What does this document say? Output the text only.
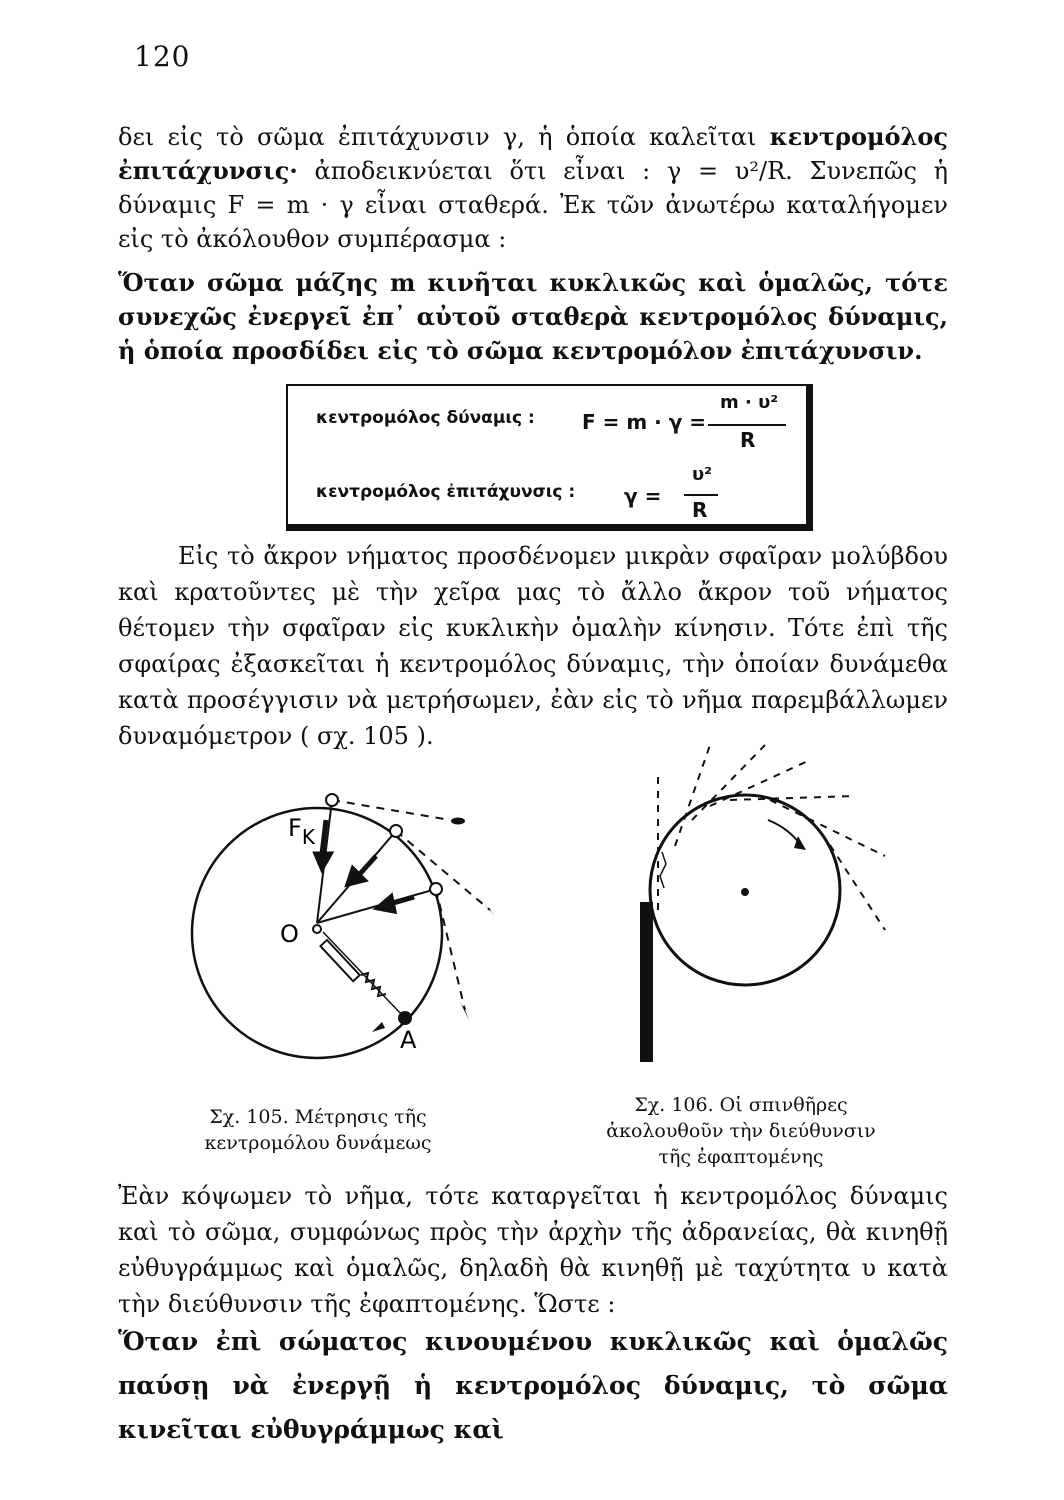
120

δει εἰς τὸ σῶμα ἐπιτάχυνσιν γ, ἡ ὁποία καλεῖται κεντρομόλος ἐπιτάχυνσις· ἀποδεικνύεται ὅτι εἶναι : γ = υ²/R. Συνεπῶς ἡ δύναμις F = m · γ εἶναι σταθερά. Ἐκ τῶν ἀνωτέρω καταλήγομεν εἰς τὸ ἀκόλουθον συμπέρασμα :

Ὅταν σῶμα μάζης m κινῆται κυκλικῶς καὶ ὁμαλῶς, τότε συνεχῶς ἐνεργεῖ ἐπ᾽ αὐτοῦ σταθερὰ κεντρομόλος δύναμις, ἡ ὁποία προσδίδει εἰς τὸ σῶμα κεντρομόλον ἐπιτάχυνσιν.

κεντρομόλος δύναμις : F = m · γ =
m · υ²
R
κεντρομόλος ἐπιτάχυνσις : γ =
υ²
R

Εἰς τὸ ἄκρον νήματος προσδένομεν μικρὰν σφαῖραν μολύβδου καὶ κρατοῦντες μὲ τὴν χεῖρα μας τὸ ἄλλο ἄκρον τοῦ νήματος θέτομεν τὴν σφαῖραν εἰς κυκλικὴν ὁμαλὴν κίνησιν. Τότε ἐπὶ τῆς σφαίρας ἐξασκεῖται ἡ κεντρομόλος δύναμις, τὴν ὁποίαν δυνάμεθα κατὰ προσέγγισιν νὰ μετρήσωμεν, ἐὰν εἰς τὸ νῆμα παρεμβάλλωμεν δυναμόμετρον ( σχ. 105 ).

$F_K$
O
A
Σχ. 105. Μέτρησις τῆς κεντρομόλου δυνάμεως
Σχ. 106. Οἱ σπινθῆρες ἀκολουθοῦν τὴν διεύθυνσιν τῆς ἐφαπτομένης

Ἐὰν κόψωμεν τὸ νῆμα, τότε καταργεῖται ἡ κεντρομόλος δύναμις καὶ τὸ σῶμα, συμφώνως πρὸς τὴν ἀρχὴν τῆς ἀδρανείας, θὰ κινηθῇ εὐθυγράμμως καὶ ὁμαλῶς, δηλαδὴ θὰ κινηθῇ μὲ ταχύτητα υ κατὰ τὴν διεύθυνσιν τῆς ἐφαπτομένης. Ὥστε :

Ὅταν ἐπὶ σώματος κινουμένου κυκλικῶς καὶ ὁμαλῶς παύσῃ νὰ ἐνεργῇ ἡ κεντρομόλος δύναμις, τὸ σῶμα κινεῖται εὐθυγράμμως καὶ
